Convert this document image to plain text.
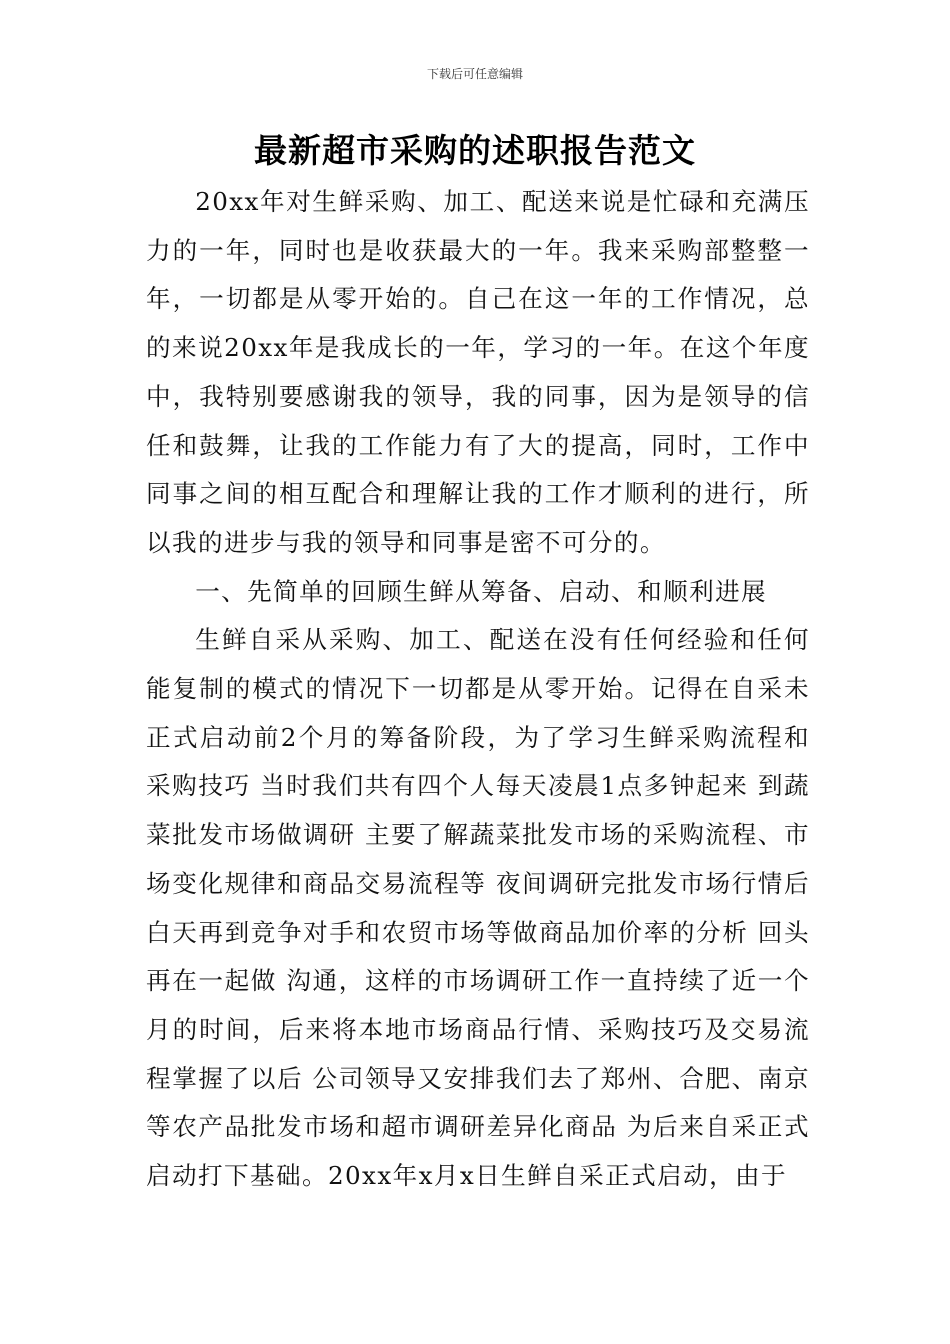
下载后可任意编辑
最新超市采购的述职报告范文

20xx年对生鲜采购、加工、配送来说是忙碌和充满压力的一年，同时也是收获最大的一年。我来采购部整整一年，一切都是从零开始的。自己在这一年的工作情况，总的来说20xx年是我成长的一年，学习的一年。在这个年度中，我特别要感谢我的领导，我的同事，因为是领导的信任和鼓舞，让我的工作能力有了大的提高，同时，工作中同事之间的相互配合和理解让我的工作才顺利的进行，所以我的进步与我的领导和同事是密不可分的。

一、先简单的回顾生鲜从筹备、启动、和顺利进展

生鲜自采从采购、加工、配送在没有任何经验和任何能复制的模式的情况下一切都是从零开始。记得在自采未正式启动前2个月的筹备阶段，为了学习生鲜采购流程和采购技巧 当时我们共有四个人每天凌晨1点多钟起来 到蔬菜批发市场做调研 主要了解蔬菜批发市场的采购流程、市场变化规律和商品交易流程等 夜间调研完批发市场行情后白天再到竞争对手和农贸市场等做商品加价率的分析 回头再在一起做 沟通，这样的市场调研工作一直持续了近一个月的时间，后来将本地市场商品行情、采购技巧及交易流程掌握了以后 公司领导又安排我们去了郑州、合肥、南京等农产品批发市场和超市调研差异化商品 为后来自采正式启动打下基础。20xx年x月x日生鲜自采正式启动，由于
